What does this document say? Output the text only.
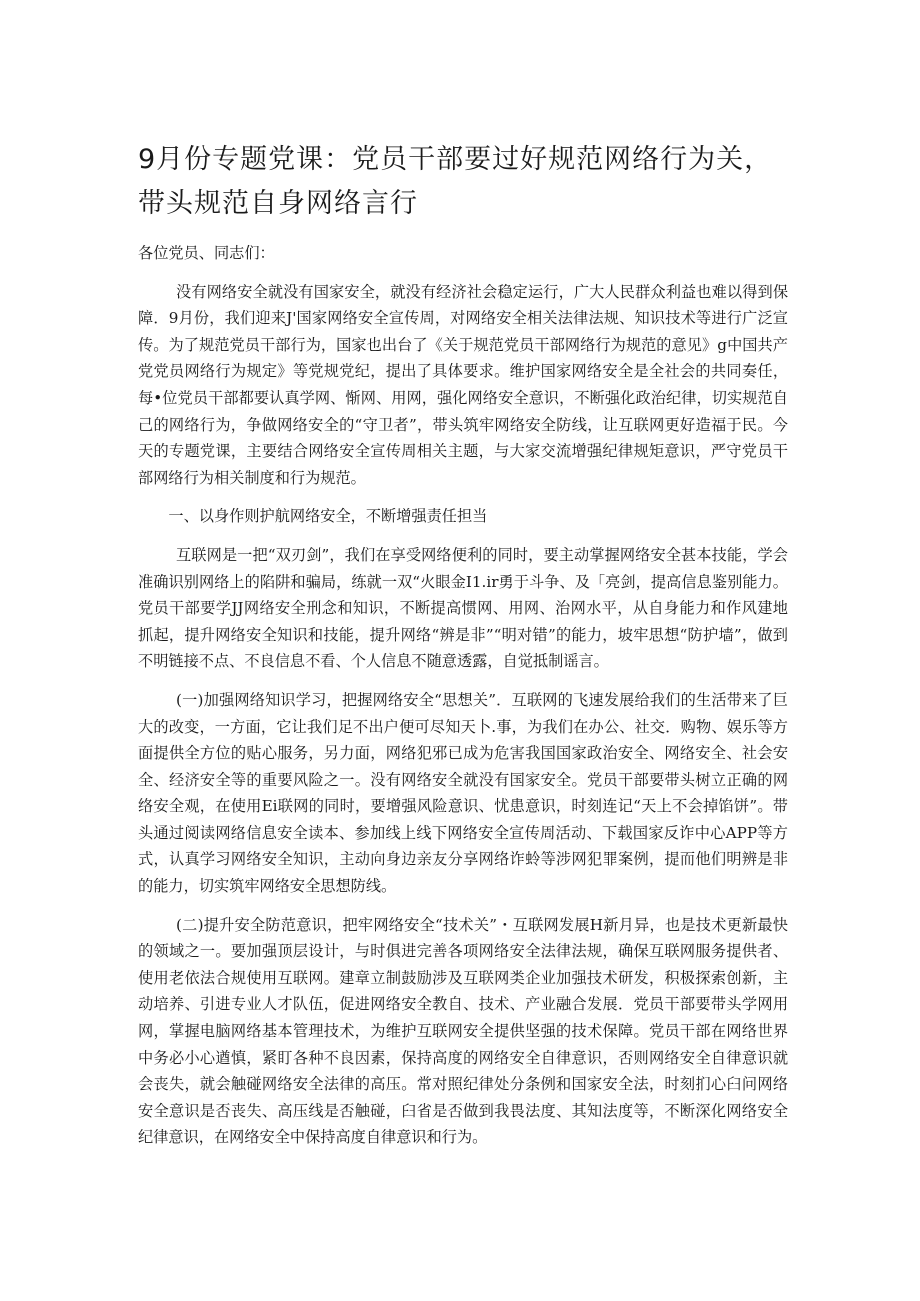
9月份专题党课：党员干部要过好规范网络行为关，带头规范自身网络言行

各位党员、同志们：

没有网络安全就没有国家安全，就没有经济社会稳定运行，广大人民群众利益也难以得到保障．9月份，我们迎来J'国家网络安全宣传周，对网络安全相关法律法规、知识技术等进行广泛宣传。为了规范党员干部行为，国家也出台了《关于规范党员干部网络行为规范的意见》g中国共产党党员网络行为规定》等党规党纪，提出了具体要求。维护国家网络安全是全社会的共同奏任，每•位党员干部都要认真学网、惭网、用网，强化网络安全意识，不断强化政治纪律，切实规范自己的网络行为，争做网络安全的“守卫者”，带头筑牢网络安全防线，让互联网更好造福于民。今天的专题党课，主要结合网络安全宣传周相关主题，与大家交流增强纪律规矩意识，严守党员干部网络行为相关制度和行为规范。

一、以身作则护航网络安全，不断增强责任担当

互联网是一把“双刃剑”，我们在享受网络便利的同时，要主动掌握网络安全甚本技能，学会准确识别网络上的陷阱和骗局，练就一双“火眼金I1.ir勇于斗争、及「亮剑，提高信息鉴别能力。党员干部要学JJ网络安全刑念和知识，不断提高惯网、用网、治网水平，从自身能力和作风建地抓起，提升网络安全知识和技能，提升网络“辨是非”“明对错”的能力，坡牢思想“防护墙”，做到不明链接不点、不良信息不看、个人信息不随意透露，自觉抵制谣言。

(一)加强网络知识学习，把握网络安全“思想关”．互联网的飞速发展给我们的生活带来了巨大的改变，一方面，它让我们足不出户便可尽知天卜.事，为我们在办公、社交．购物、娱乐等方面提供全方位的贴心服务，另力面，网络犯邪已成为危害我国国家政治安全、网络安全、社会安全、经济安全等的重要风险之一。没有网络安全就没有国家安全。党员干部要带头树立正确的网络安全观，在使用Ei联网的同时，要增强风险意识、忧患意识，时刻连记“天上不会掉馅饼”。带头通过阅读网络信息安全读本、参加线上线下网络安全宣传周活动、下载国家反诈中心APP等方式，认真学习网络安全知识，主动向身边亲友分享网络诈蛉等涉网犯罪案例，提而他们明辨是非的能力，切实筑牢网络安全思想防线。

(二)提升安全防范意识，把牢网络安全“技术关”・互联网发展H新月异，也是技术更新最快的领域之一。要加强顶层设计，与时俱进完善各项网络安全法律法规，确保互联网服务提供者、使用老依法合规使用互联网。建章立制鼓励涉及互联网类企业加强技术研发，积极探索创新，主动培养、引进专业人才队伍，促进网络安全教自、技术、产业融合发展．党员干部要带头学网用网，掌握电脑网络基本管理技术，为维护互联网安全提供坚强的技术保障。党员干部在网络世界中务必小心遒慎，紧盯各种不良因素，保持高度的网络安全自律意识，否则网络安全自律意识就会丧失，就会触碰网络安全法律的高压。常对照纪律处分条例和国家安全法，时刻扪心臼问网络安全意识是否丧失、高压线是否触碰，臼省是否做到我畏法度、其知法度等，不断深化网络安全纪律意识，在网络安全中保持高度自律意识和行为。
